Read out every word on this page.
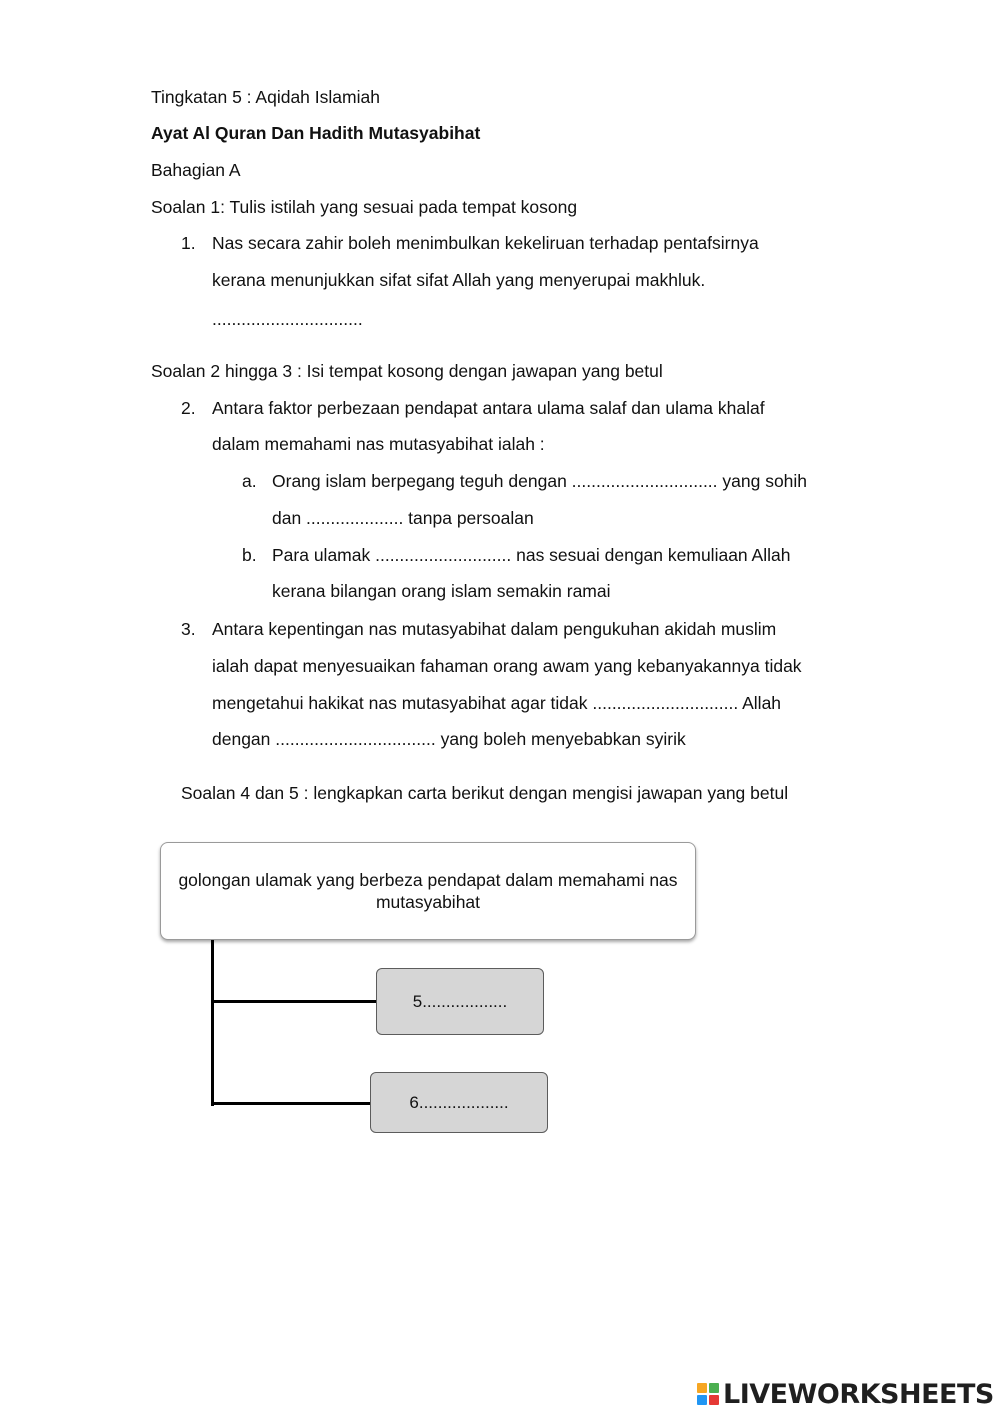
Tingkatan 5 : Aqidah Islamiah
Ayat Al Quran Dan Hadith Mutasyabihat
Bahagian A
Soalan 1: Tulis istilah yang sesuai pada tempat kosong
1. Nas secara zahir boleh menimbulkan kekeliruan terhadap pentafsirnya
kerana menunjukkan sifat sifat Allah yang menyerupai makhluk.
...............................
Soalan 2 hingga 3 : Isi tempat kosong dengan jawapan yang betul
2. Antara faktor perbezaan pendapat antara ulama salaf dan ulama khalaf
dalam memahami nas mutasyabihat ialah :
a. Orang islam berpegang teguh dengan .............................. yang sohih
dan .................... tanpa persoalan
b. Para ulamak ............................ nas sesuai dengan kemuliaan Allah
kerana bilangan orang islam semakin ramai
3. Antara kepentingan nas mutasyabihat dalam pengukuhan akidah muslim
ialah dapat menyesuaikan fahaman orang awam yang kebanyakannya tidak
mengetahui hakikat nas mutasyabihat agar tidak .............................. Allah
dengan ................................. yang boleh menyebabkan syirik
Soalan 4 dan 5 : lengkapkan carta berikut dengan mengisi jawapan yang betul
golongan ulamak yang berbeza pendapat dalam memahami nas
mutasyabihat
5..................
6...................
LIVEWORKSHEETS
